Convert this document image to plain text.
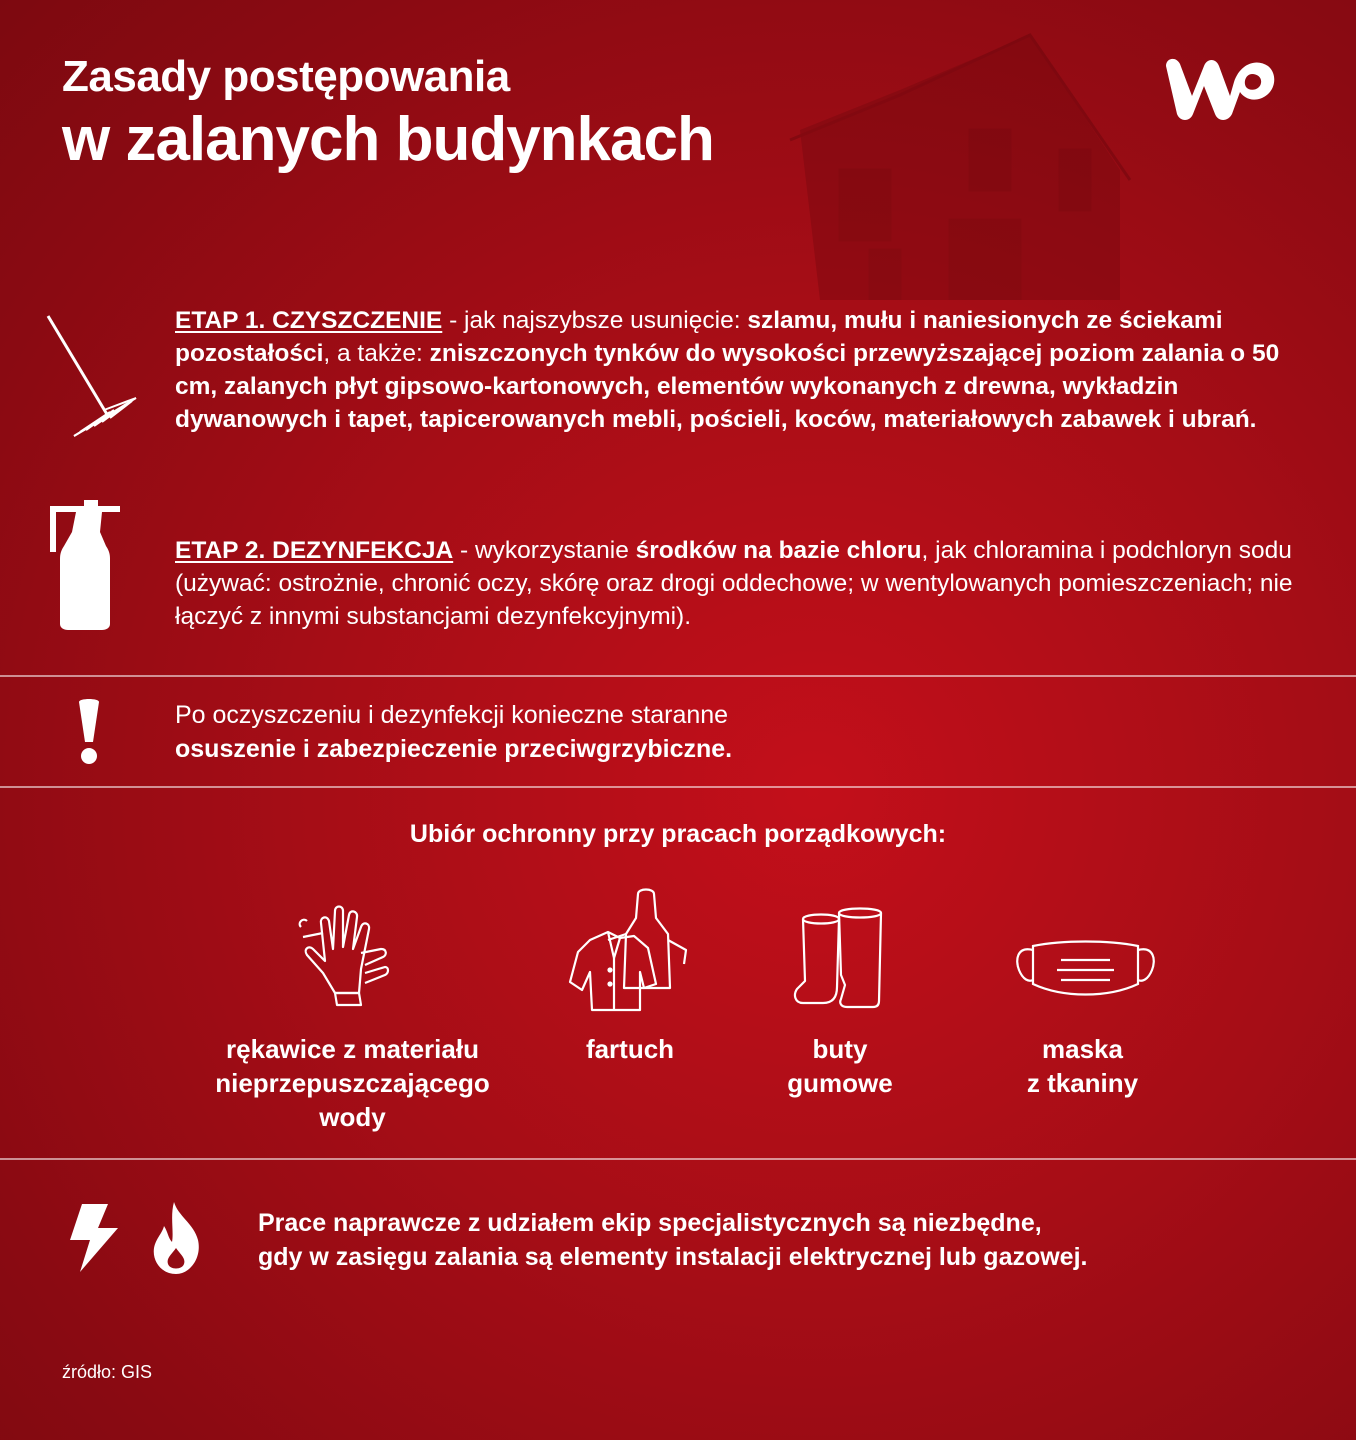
Zasady postępowania
w zalanych budynkach
ETAP 1. CZYSZCZENIE - jak najszybsze usunięcie: szlamu, mułu i naniesionych ze ściekami pozostałości, a także: zniszczonych tynków do wysokości przewyższającej poziom zalania o 50 cm, zalanych płyt gipsowo-kartonowych, elementów wykonanych z drewna, wykładzin dywanowych i tapet, tapicerowanych mebli, pościeli, koców, materiałowych zabawek i ubrań.
ETAP 2. DEZYNFEKCJA - wykorzystanie środków na bazie chloru, jak chloramina i podchloryn sodu (używać: ostrożnie, chronić oczy, skórę oraz drogi oddechowe; w wentylowanych pomieszczeniach; nie łączyć z innymi substancjami dezynfekcyjnymi).
Po oczyszczeniu i dezynfekcji konieczne staranne
osuszenie i zabezpieczenie przeciwgrzybiczne.
Ubiór ochronny przy pracach porządkowych:
rękawice z materiału
nieprzepuszczającego
wody
fartuch	buty
gumowe
maska
z tkaniny
Prace naprawcze z udziałem ekip specjalistycznych są niezbędne,
gdy w zasięgu zalania są elementy instalacji elektrycznej lub gazowej.
źródło: GIS
